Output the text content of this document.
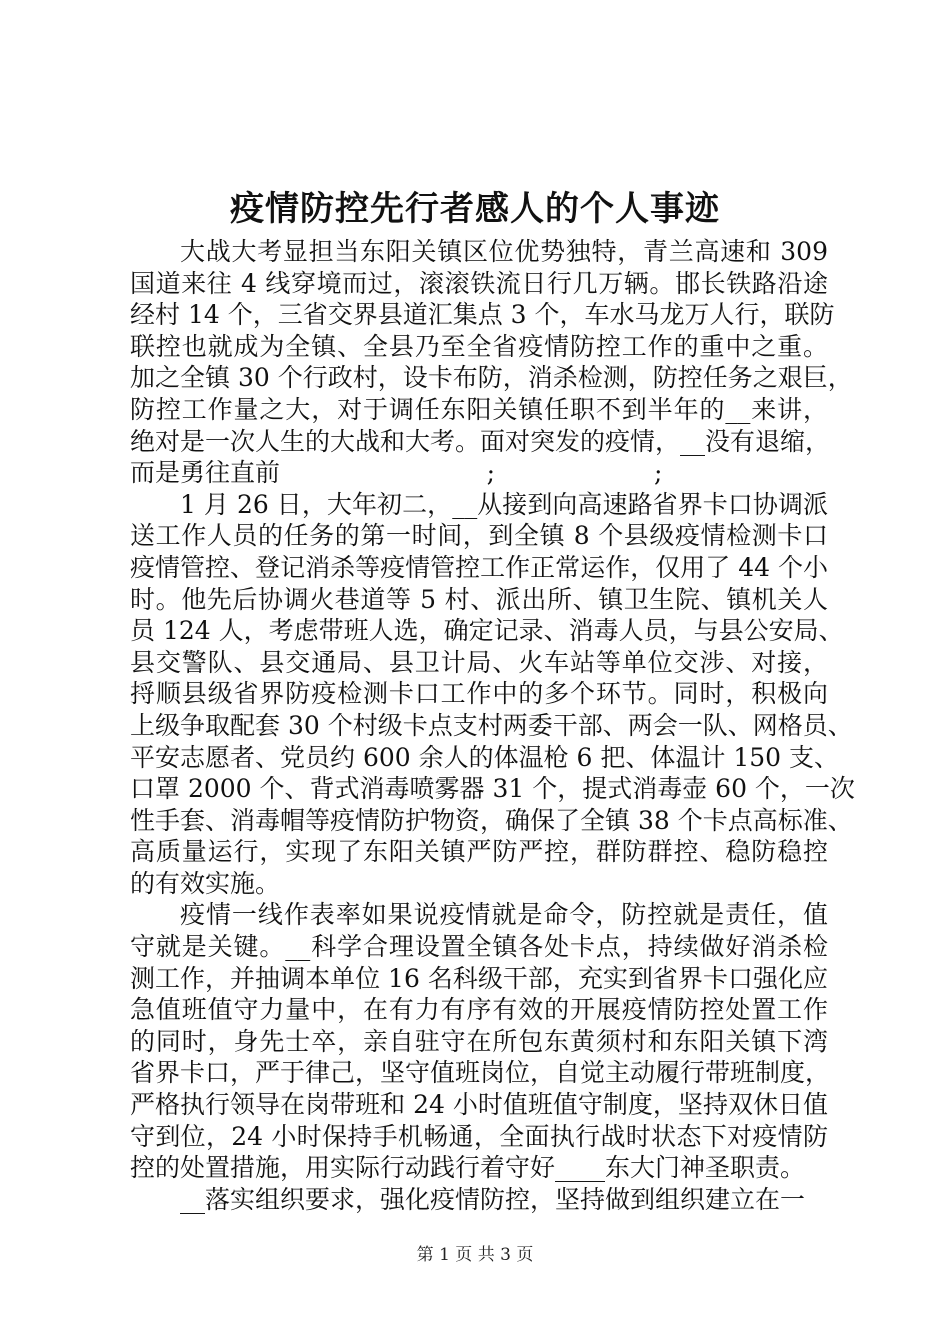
疫情防控先行者感人的个人事迹
大战大考显担当东阳关镇区位优势独特，青兰高速和 309
国道来往 4 线穿境而过，滚滚铁流日行几万辆。邯长铁路沿途
经村 14 个，三省交界县道汇集点 3 个，车水马龙万人行，联防
联控也就成为全镇、全县乃至全省疫情防控工作的重中之重。
加之全镇 30 个行政村，设卡布防，消杀检测，防控任务之艰巨，
防控工作量之大，对于调任东阳关镇任职不到半年的__来讲，
绝对是一次人生的大战和大考。面对突发的疫情，__没有退缩，
而是勇往直前                          ;                    ;
1 月 26 日，大年初二，__从接到向高速路省界卡口协调派
送工作人员的任务的第一时间，到全镇 8 个县级疫情检测卡口
疫情管控、登记消杀等疫情管控工作正常运作，仅用了 44 个小
时。他先后协调火巷道等 5 村、派出所、镇卫生院、镇机关人
员 124 人，考虑带班人选，确定记录、消毒人员，与县公安局、
县交警队、县交通局、县卫计局、火车站等单位交涉、对接，
捋顺县级省界防疫检测卡口工作中的多个环节。同时，积极向
上级争取配套 30 个村级卡点支村两委干部、两会一队、网格员、
平安志愿者、党员约 600 余人的体温枪 6 把、体温计 150 支、
口罩 2000 个、背式消毒喷雾器 31 个，提式消毒壶 60 个，一次
性手套、消毒帽等疫情防护物资，确保了全镇 38 个卡点高标准、
高质量运行，实现了东阳关镇严防严控，群防群控、稳防稳控
的有效实施。
疫情一线作表率如果说疫情就是命令，防控就是责任，值
守就是关键。__科学合理设置全镇各处卡点，持续做好消杀检
测工作，并抽调本单位 16 名科级干部，充实到省界卡口强化应
急值班值守力量中，在有力有序有效的开展疫情防控处置工作
的同时，身先士卒，亲自驻守在所包东黄须村和东阳关镇下湾
省界卡口，严于律己，坚守值班岗位，自觉主动履行带班制度，
严格执行领导在岗带班和 24 小时值班值守制度，坚持双休日值
守到位，24 小时保持手机畅通，全面执行战时状态下对疫情防
控的处置措施，用实际行动践行着守好____东大门神圣职责。
__落实组织要求，强化疫情防控，坚持做到组织建立在一
第 1 页 共 3 页
